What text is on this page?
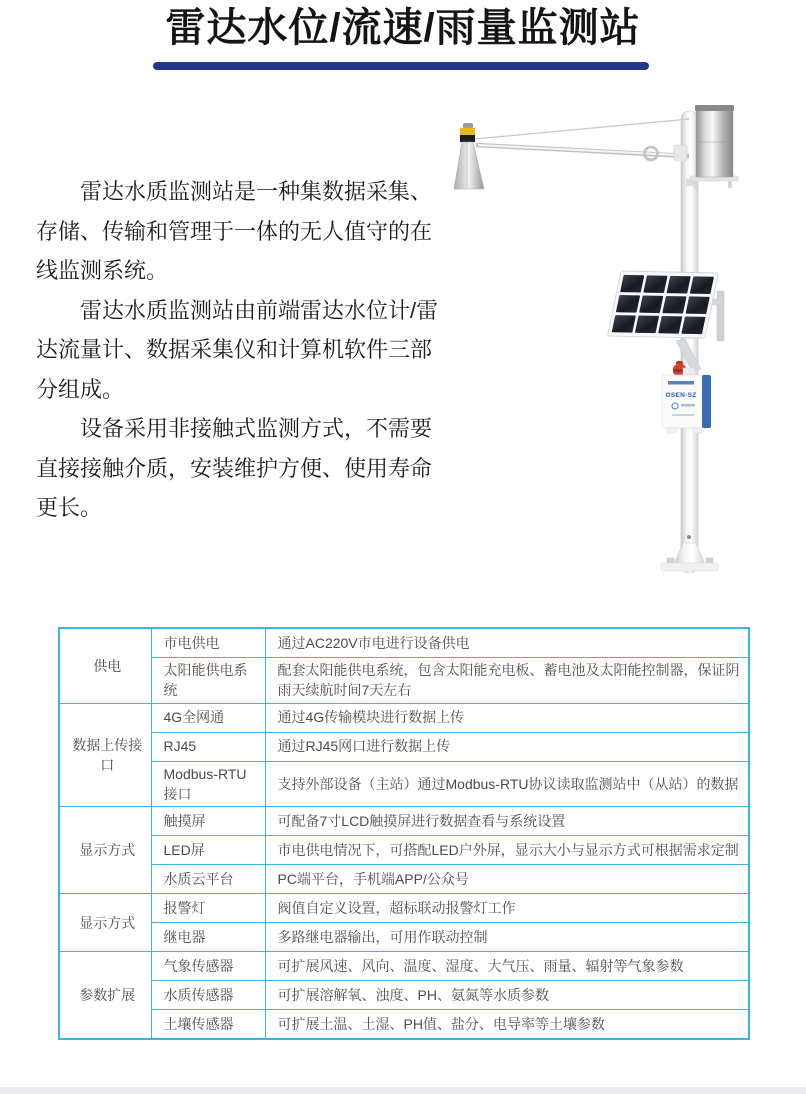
雷达水位/流速/雨量监测站

雷达水质监测站是一种集数据采集、存储、传输和管理于一体的无人值守的在线监测系统。

雷达水质监测站由前端雷达水位计/雷达流量计、数据采集仪和计算机软件三部分组成。

设备采用非接触式监测方式，不需要直接接触介质，安装维护方便、使用寿命更长。

OSEN-SZ
供电	市电供电	通过AC220V市电进行设备供电
	太阳能供电系统	配套太阳能供电系统，包含太阳能充电板、蓄电池及太阳能控制器，保证阴雨天续航时间7天左右
数据上传接口	4G全网通	通过4G传输模块进行数据上传
	RJ45	通过RJ45网口进行数据上传
	Modbus-RTU接口	支持外部设备（主站）通过Modbus-RTU协议读取监测站中（从站）的数据
显示方式	触摸屏	可配备7寸LCD触摸屏进行数据查看与系统设置
	LED屏	市电供电情况下，可搭配LED户外屏，显示大小与显示方式可根据需求定制
	水质云平台	PC端平台，手机端APP/公众号
显示方式	报警灯	阀值自定义设置，超标联动报警灯工作
	继电器	多路继电器输出，可用作联动控制
参数扩展	气象传感器	可扩展风速、风向、温度、湿度、大气压、雨量、辐射等气象参数
	水质传感器	可扩展溶解氧、浊度、PH、氨氮等水质参数
	土壤传感器	可扩展土温、土湿、PH值、盐分、电导率等土壤参数
